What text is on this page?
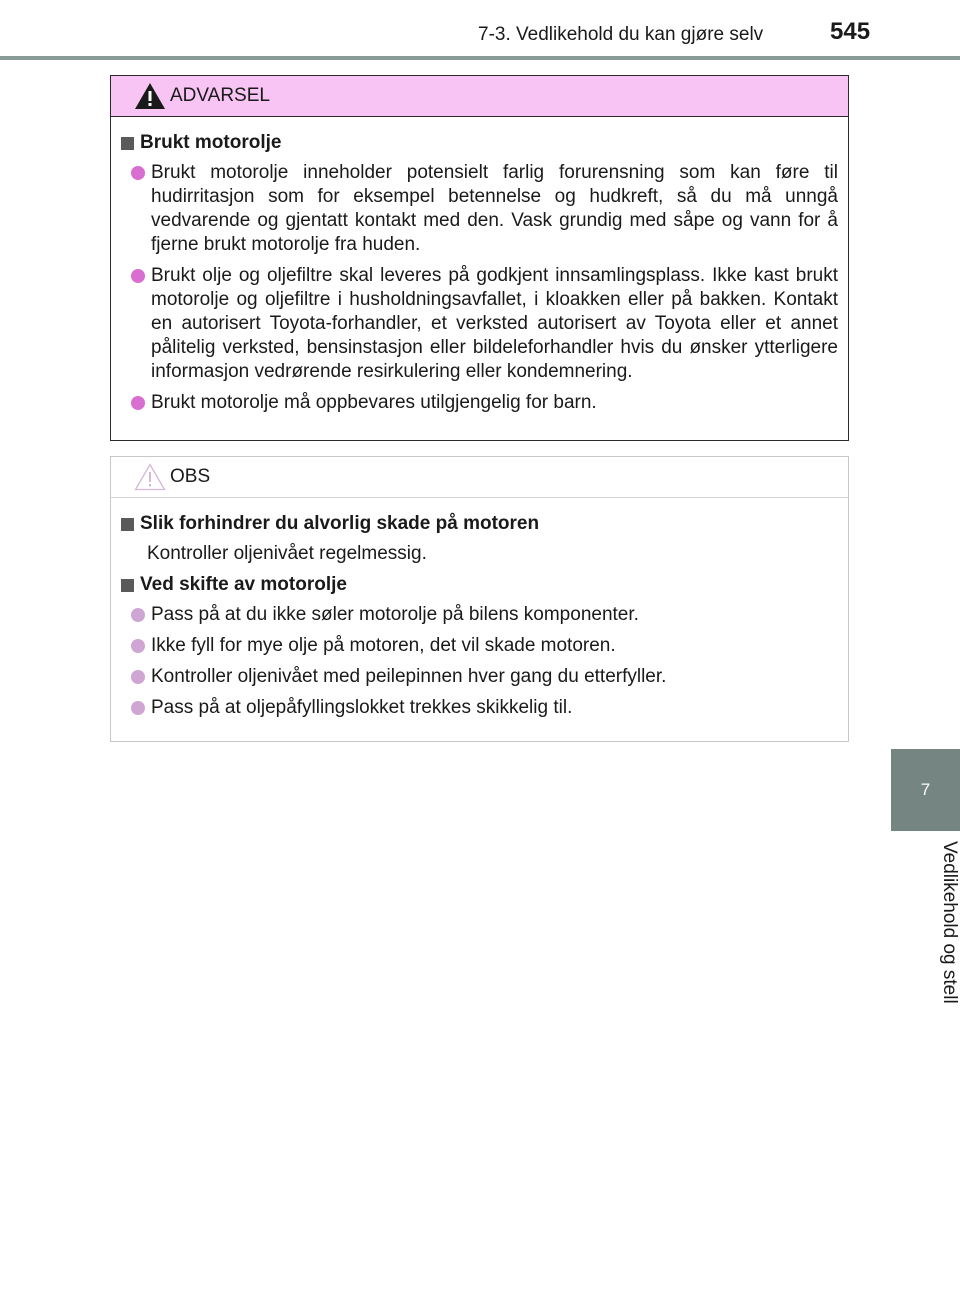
7-3. Vedlikehold du kan gjøre selv	545
7
Vedlikehold og stell
ADVARSEL
Brukt motorolje
Brukt motorolje inneholder potensielt farlig forurensning som kan føre til hudirritasjon som for eksempel betennelse og hudkreft, så du må unngå vedvarende og gjentatt kontakt med den. Vask grundig med såpe og vann for å fjerne brukt motorolje fra huden.
Brukt olje og oljefiltre skal leveres på godkjent innsamlingsplass. Ikke kast brukt motorolje og oljefiltre i husholdningsavfallet, i kloakken eller på bakken. Kontakt en autorisert Toyota-forhandler, et verksted autorisert av Toyota eller et annet pålitelig verksted, bensinstasjon eller bildeleforhandler hvis du ønsker ytterligere informasjon vedrørende resirkulering eller kondemnering.
Brukt motorolje må oppbevares utilgjengelig for barn.
OBS
Slik forhindrer du alvorlig skade på motoren
Kontroller oljenivået regelmessig.
Ved skifte av motorolje
Pass på at du ikke søler motorolje på bilens komponenter.
Ikke fyll for mye olje på motoren, det vil skade motoren.
Kontroller oljenivået med peilepinnen hver gang du etterfyller.
Pass på at oljepåfyllingslokket trekkes skikkelig til.
